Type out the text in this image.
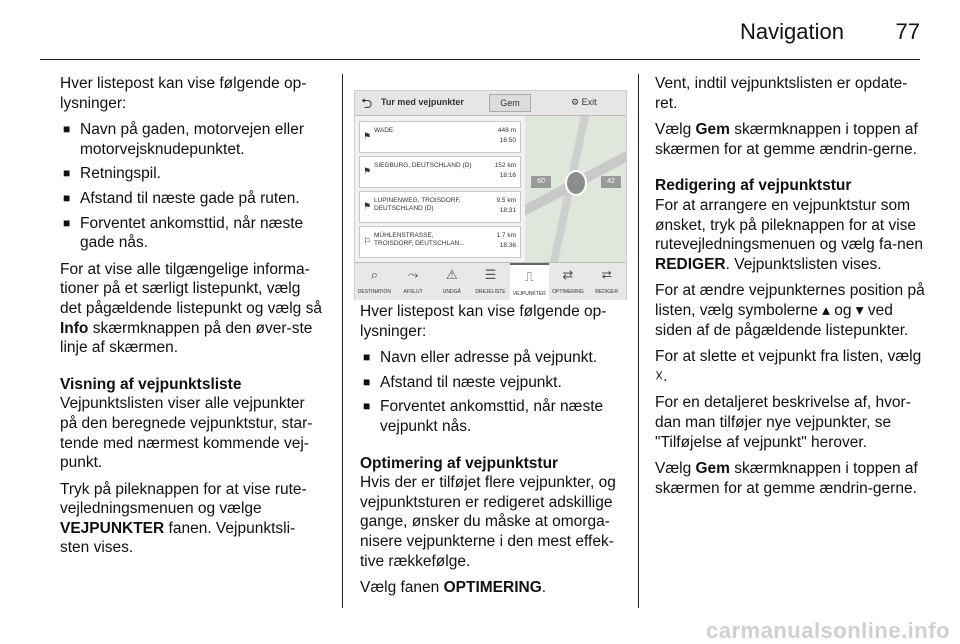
Navigation 77

Hver listepost kan vise følgende op-lysninger:

■ Navn på gaden, motorvejen eller motorvejsknudepunktet.
■ Retningspil.
■ Afstand til næste gade på ruten.
■ Forventet ankomsttid, når næste gade nås.

For at vise alle tilgængelige informa-tioner på et særligt listepunkt, vælg det pågældende listepunkt og vælg så Info skærmknappen på den øver-ste linje af skærmen.

Visning af vejpunktsliste

Vejpunktslisten viser alle vejpunkter på den beregnede vejpunktstur, star-tende med nærmest kommende vej-punkt.

Tryk på pileknappen for at vise rute-vejledningsmenuen og vælge VEJPUNKTER fanen. Vejpunktsli-sten vises.

⮌ Tur med vejpunkter	Gem	⚙ Exit
60	42
⚑
WADE	448 m
16:50
⚑
SIEGBURG, DEUTSCHLAND (D)	152 km
18:16
⚑
LUPINENWEG, TROISDORF, DEUTSCHLAND (D)
9.5 km
18:31
⚐
MÜHLENSTRASSE, TROISDORF, DEUTSCHLAN...
1.7 km
18:36
⌕
DESTINATION
⤳
AFSLUT
⚠
UNDGÅ
☰
DREJELISTE
⎍
VEJPUNKTER
⇄
OPTIMERING
⮂
REDIGER

Hver listepost kan vise følgende op-lysninger:

■ Navn eller adresse på vejpunkt.
■ Afstand til næste vejpunkt.
■ Forventet ankomsttid, når næste vejpunkt nås.
Optimering af vejpunktstur

Hvis der er tilføjet flere vejpunkter, og vejpunktsturen er redigeret adskillige gange, ønsker du måske at omorga-nisere vejpunkterne i den mest effek-tive rækkefølge.

Vælg fanen OPTIMERING.

Vent, indtil vejpunktslisten er opdate-ret.

Vælg Gem skærmknappen i toppen af skærmen for at gemme ændrin-gerne.

Redigering af vejpunktstur

For at arrangere en vejpunktstur som ønsket, tryk på pileknappen for at vise rutevejledningsmenuen og vælg fa-nen REDIGER. Vejpunktslisten vises.

For at ændre vejpunkternes position på listen, vælg symbolerne ▴ og ▾ ved siden af de pågældende listepunkter.

For at slette et vejpunkt fra listen, vælg ☓.

For en detaljeret beskrivelse af, hvor-dan man tilføjer nye vejpunkter, se "Tilføjelse af vejpunkt" herover.

Vælg Gem skærmknappen i toppen af skærmen for at gemme ændrin-gerne.

carmanualsonline.info
